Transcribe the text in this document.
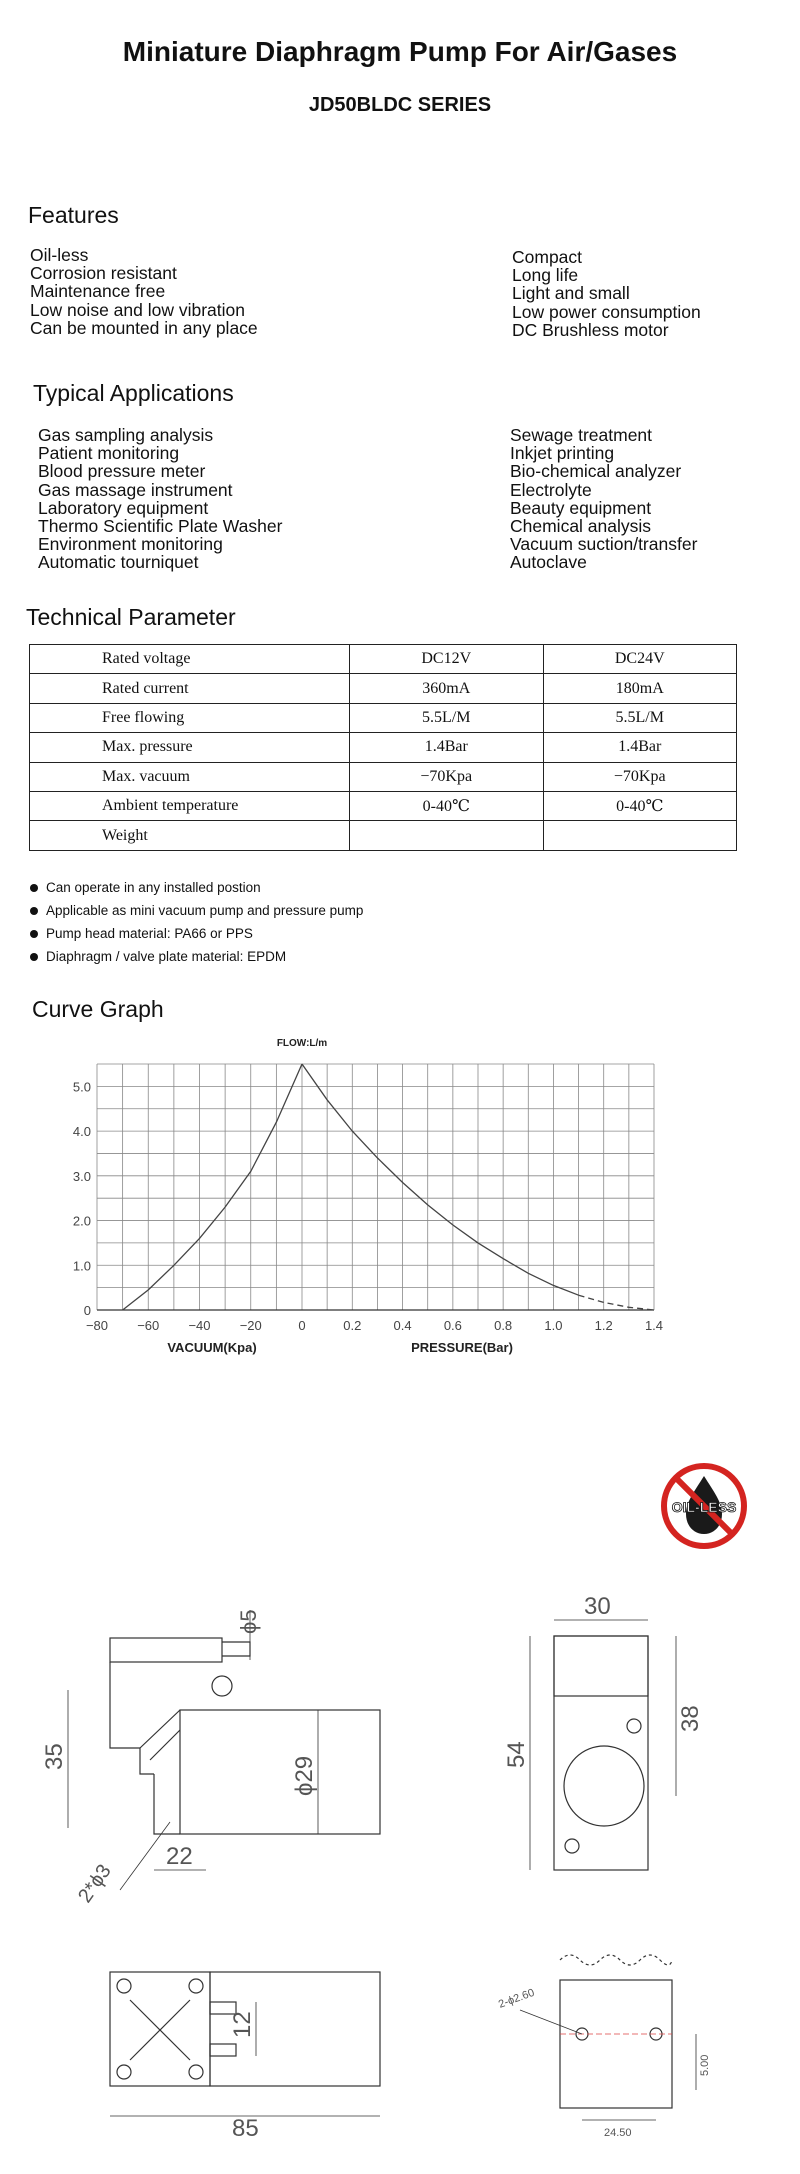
Miniature Diaphragm Pump For Air/Gases
JD50BLDC SERIES
Features
Oil-less
Corrosion resistant
Maintenance free
Low noise and low vibration
Can be mounted in any place
Compact
Long life
Light and small
Low power consumption
DC Brushless motor
Typical Applications
Gas sampling analysis
Patient monitoring
Blood pressure meter
Gas massage instrument
Laboratory equipment
Thermo Scientific Plate Washer
Environment monitoring
Automatic tourniquet
Sewage treatment
Inkjet printing
Bio-chemical analyzer
Electrolyte
Beauty equipment
Chemical analysis
Vacuum suction/transfer
Autoclave
Technical Parameter
Rated voltage	DC12V	DC24V
Rated current	360mA	180mA
Free flowing	5.5L/M	5.5L/M
Max. pressure	1.4Bar	1.4Bar
Max. vacuum	−70Kpa	−70Kpa
Ambient temperature	0-40℃	0-40℃
Weight		
Can operate in any installed postion
Applicable as mini vacuum pump and pressure pump
Pump head material: PA66 or PPS
Diaphragm / valve plate material: EPDM
Curve Graph
0
1.0
2.0
3.0
4.0
5.0
−80 −60 −40 −20	0	0.2 0.4 0.6 0.8 1.0 1.2 1.4
FLOW:L/m
VACUUM(Kpa)	PRESSURE(Bar)
OIL-LESS
ϕ5
35	ϕ29
22
2*ϕ3
30
54
38
12
85
2-ϕ2.60
5.00
24.50
